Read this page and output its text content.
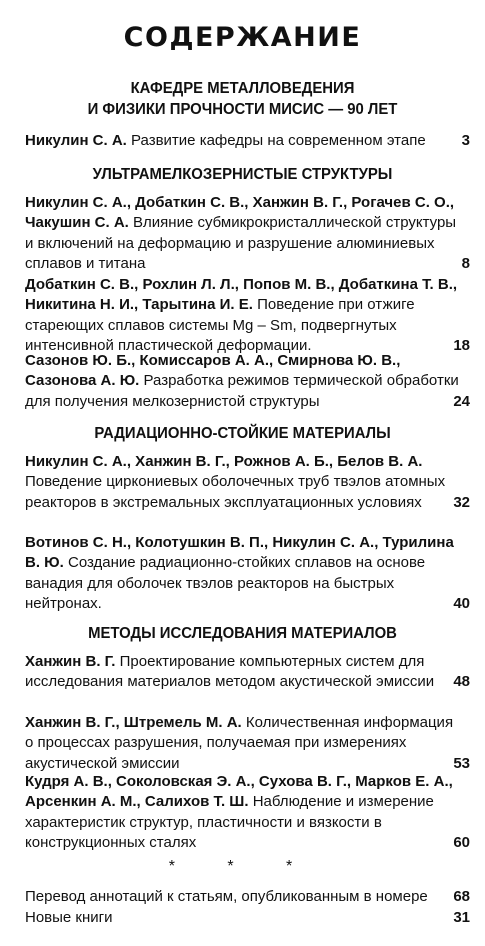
СОДЕРЖАНИЕ
КАФЕДРЕ МЕТАЛЛОВЕДЕНИЯ
И ФИЗИКИ ПРОЧНОСТИ МИСИС — 90 ЛЕТ
Никулин С. А. Развитие кафедры на современном этапе 3
УЛЬТРАМЕЛКОЗЕРНИСТЫЕ СТРУКТУРЫ
Никулин С. А., Добаткин С. В., Ханжин В. Г., Рогачев С. О., Чакушин С. А. Влияние субмикрокристаллической структуры и включений на деформацию и разрушение алюминиевых сплавов и титана	8
Добаткин С. В., Рохлин Л. Л., Попов М. В., Добаткина Т. В., Никитина Н. И., Тарытина И. Е. Поведение при отжиге стареющих сплавов системы Mg – Sm, подвергнутых интенсивной пластической деформации.	18
Сазонов Ю. Б., Комиссаров А. А., Смирнова Ю. В., Сазонова А. Ю. Разработка режимов термической обработки для получения мелкозернистой структуры	24
РАДИАЦИОННО-СТОЙКИЕ МАТЕРИАЛЫ
Никулин С. А., Ханжин В. Г., Рожнов А. Б., Белов В. А. Поведение циркониевых оболочечных труб твэлов атомных реакторов в экстремальных эксплуатационных условиях 32
Вотинов С. Н., Колотушкин В. П., Никулин С. А., Турилина В. Ю. Создание радиационно-стойких сплавов на основе ванадия для оболочек твэлов реакторов на быстрых нейтронах.	40
МЕТОДЫ ИССЛЕДОВАНИЯ МАТЕРИАЛОВ
Ханжин В. Г. Проектирование компьютерных систем для исследования материалов методом акустической эмиссии 48
Ханжин В. Г., Штремель М. А. Количественная информация о процессах разрушения, получаемая при измерениях акустической эмиссии	53
Кудря А. В., Соколовская Э. А., Сухова В. Г., Марков Е. А., Арсенкин А. М., Салихов Т. Ш. Наблюдение и измерение характеристик структур, пластичности и вязкости в конструкционных сталях	60
* * *
Перевод аннотаций к статьям, опубликованным в номере 68
Новые книги	31
